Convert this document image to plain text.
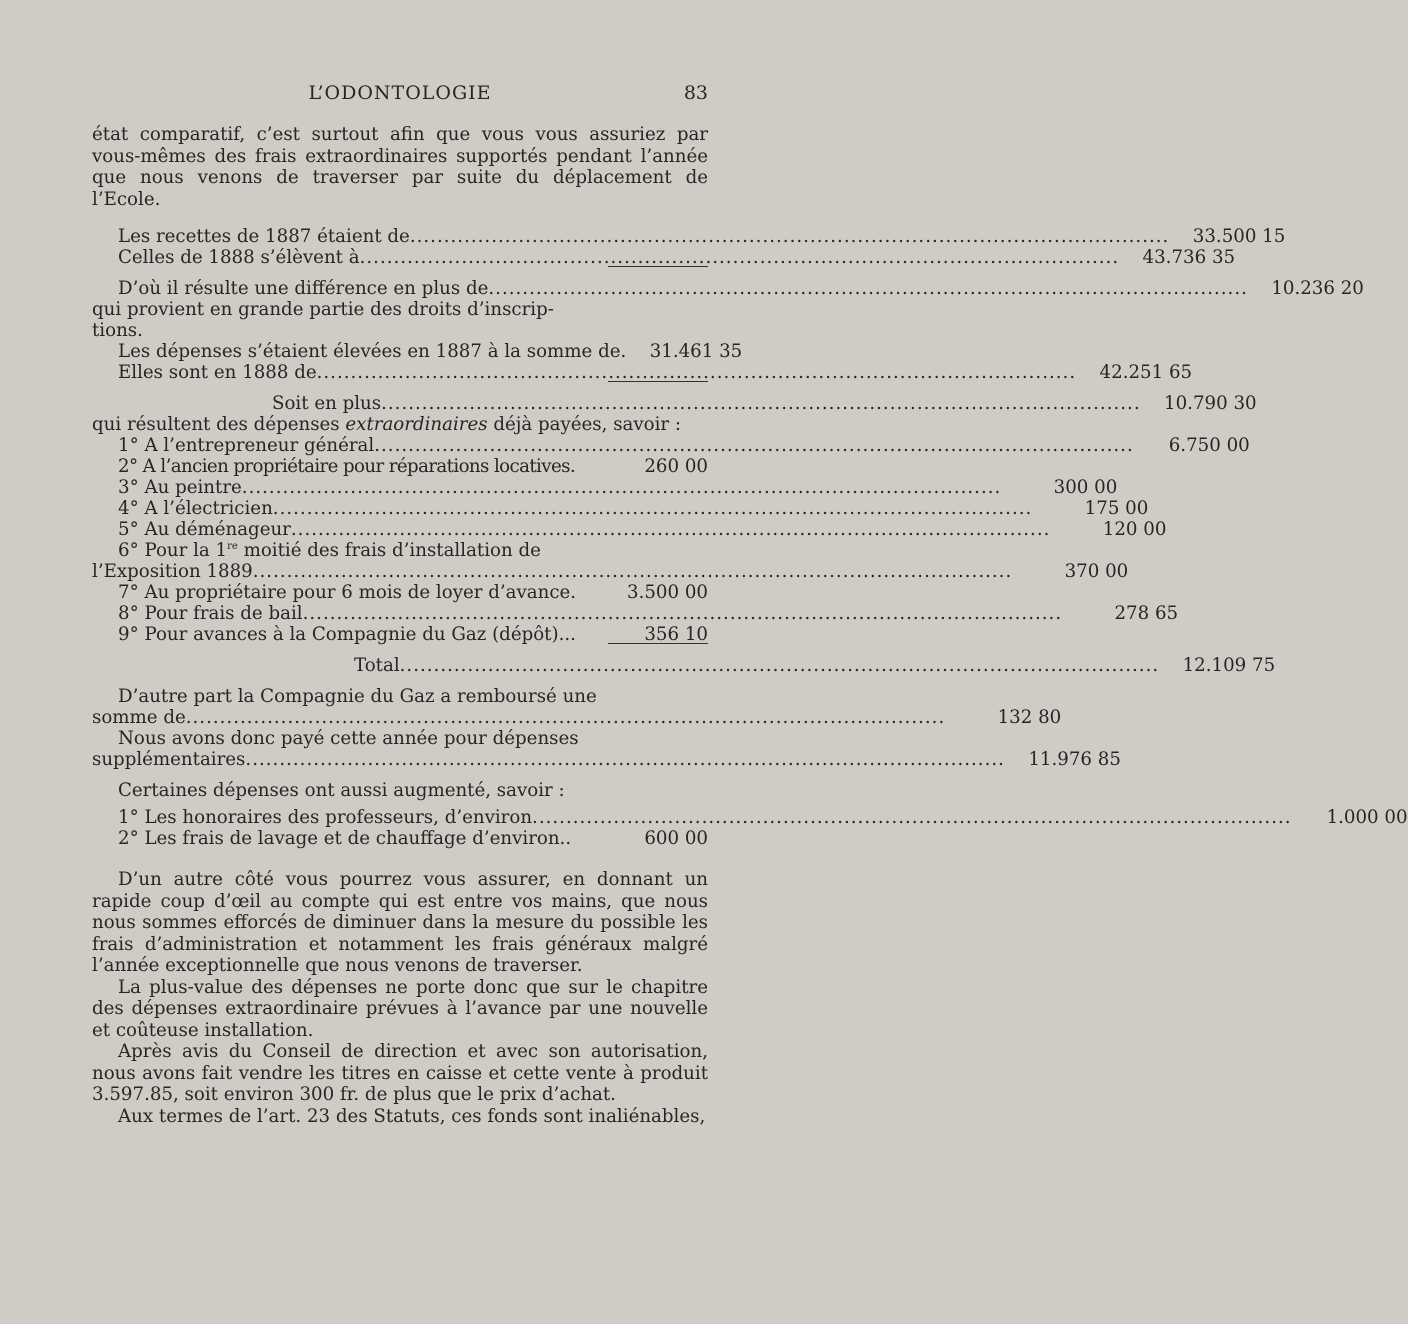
L’ODONTOLOGIE	83

état comparatif, c’est surtout afin que vous vous assuriez par vous-mêmes des frais extraordinaires supportés pendant l’année que nous venons de traverser par suite du déplacement de l’Ecole.

Les recettes de 1887 étaient de .....	33.500 15
Celles de 1888 s’élèvent à .....	43.736 35
D’où il résulte une différence en plus de .....	10.236 20
qui provient en grande partie des droits d’inscrip-
tions.
Les dépenses s’étaient élevées en 1887 à la somme de.	31.461 35
Elles sont en 1888 de .....	42.251 65
Soit en plus .....	10.790 30
qui résultent des dépenses extraordinaires déjà payées, savoir :
1° A l’entrepreneur général .....	6.750 00
2° A l’ancien propriétaire pour réparations locatives.	260 00
3° Au peintre .....	300 00
4° A l’électricien .....	175 00
5° Au déménageur .....	120 00
6° Pour la 1re moitié des frais d’installation de
l’Exposition 1889 .....	370 00
7° Au propriétaire pour 6 mois de loyer d’avance.	3.500 00
8° Pour frais de bail .....	278 65
9° Pour avances à la Compagnie du Gaz (dépôt)...	356 10
Total .....	12.109 75
D’autre part la Compagnie du Gaz a remboursé une
somme de .....	132 80
Nous avons donc payé cette année pour dépenses
supplémentaires .....	11.976 85
Certaines dépenses ont aussi augmenté, savoir :
1° Les honoraires des professeurs, d’environ .....	1.000 00
2° Les frais de lavage et de chauffage d’environ..	600 00

D’un autre côté vous pourrez vous assurer, en donnant un rapide coup d’œil au compte qui est entre vos mains, que nous nous sommes efforcés de diminuer dans la mesure du possible les frais d’administration et notamment les frais généraux malgré l’année exceptionnelle que nous venons de traverser.

La plus-value des dépenses ne porte donc que sur le chapitre des dépenses extraordinaire prévues à l’avance par une nouvelle et coûteuse installation.

Après avis du Conseil de direction et avec son autorisation, nous avons fait vendre les titres en caisse et cette vente à produit 3.597.85, soit environ 300 fr. de plus que le prix d’achat.

Aux termes de l’art. 23 des Statuts, ces fonds sont inaliénables,
